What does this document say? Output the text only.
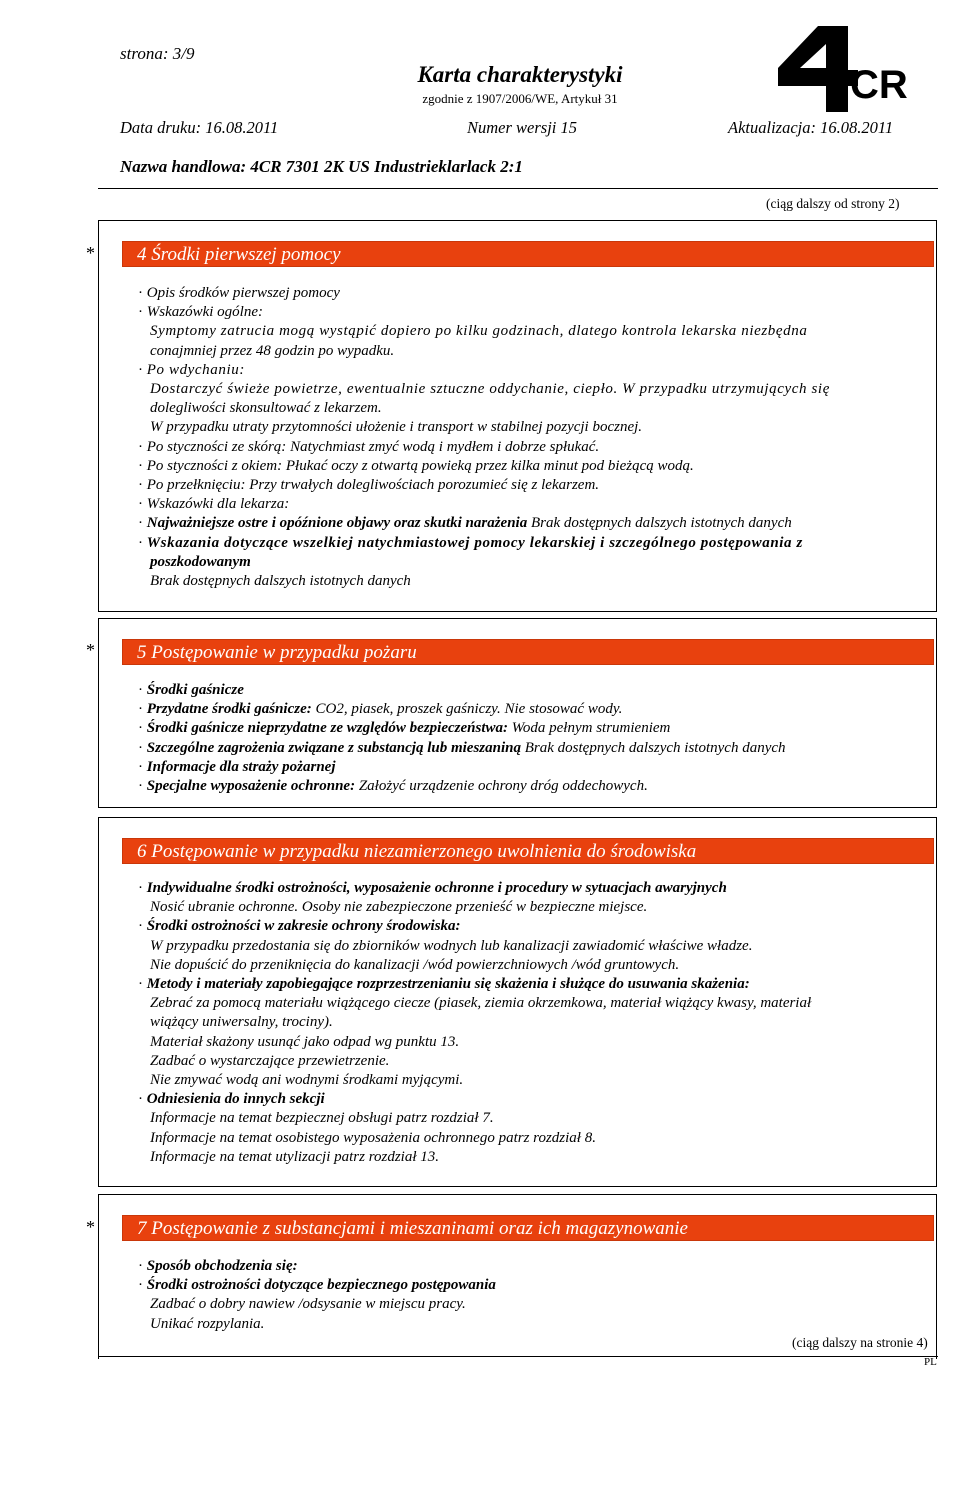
strona: 3/9
Karta charakterystyki
zgodnie z 1907/2006/WE, Artykuł 31	CR
Data druku: 16.08.2011	Numer wersji 15	Aktualizacja: 16.08.2011
Nazwa handlowa: 4CR 7301 2K US Industrieklarlack 2:1
(ciąg dalszy od strony 2)
*	4 Środki pierwszej pomocy

· Opis środków pierwszej pomocy

· Wskazówki ogólne:

Symptomy zatrucia mogą wystąpić dopiero po kilku godzinach, dlatego kontrola lekarska niezbędna

conajmniej przez 48 godzin po wypadku.

· Po wdychaniu:

Dostarczyć świeże powietrze, ewentualnie sztuczne oddychanie, ciepło. W przypadku utrzymujących się

dolegliwości skonsultować z lekarzem.

W przypadku utraty przytomności ułożenie i transport w stabilnej pozycji bocznej.

· Po styczności ze skórą: Natychmiast zmyć wodą i mydłem i dobrze spłukać.

· Po styczności z okiem: Płukać oczy z otwartą powieką przez kilka minut pod bieżącą wodą.

· Po przełknięciu: Przy trwałych dolegliwościach porozumieć się z lekarzem.

· Wskazówki dla lekarza:

· Najważniejsze ostre i opóźnione objawy oraz skutki narażenia Brak dostępnych dalszych istotnych danych

· Wskazania dotyczące wszelkiej natychmiastowej pomocy lekarskiej i szczególnego postępowania z

poszkodowanym

Brak dostępnych dalszych istotnych danych

*	5 Postępowanie w przypadku pożaru

· Środki gaśnicze

· Przydatne środki gaśnicze: CO2, piasek, proszek gaśniczy. Nie stosować wody.

· Środki gaśnicze nieprzydatne ze względów bezpieczeństwa: Woda pełnym strumieniem

· Szczególne zagrożenia związane z substancją lub mieszaniną Brak dostępnych dalszych istotnych danych

· Informacje dla straży pożarnej

· Specjalne wyposażenie ochronne: Założyć urządzenie ochrony dróg oddechowych.

6 Postępowanie w przypadku niezamierzonego uwolnienia do środowiska

· Indywidualne środki ostrożności, wyposażenie ochronne i procedury w sytuacjach awaryjnych

Nosić ubranie ochronne. Osoby nie zabezpieczone przenieść w bezpieczne miejsce.

· Środki ostrożności w zakresie ochrony środowiska:

W przypadku przedostania się do zbiorników wodnych lub kanalizacji zawiadomić właściwe władze.

Nie dopuścić do przeniknięcia do kanalizacji /wód powierzchniowych /wód gruntowych.

· Metody i materiały zapobiegające rozprzestrzenianiu się skażenia i służące do usuwania skażenia:

Zebrać za pomocą materiału wiążącego ciecze (piasek, ziemia okrzemkowa, materiał wiążący kwasy, materiał

wiążący uniwersalny, trociny).

Materiał skażony usunąć jako odpad wg punktu 13.

Zadbać o wystarczające przewietrzenie.

Nie zmywać wodą ani wodnymi środkami myjącymi.

· Odniesienia do innych sekcji

Informacje na temat bezpiecznej obsługi patrz rozdział 7.

Informacje na temat osobistego wyposażenia ochronnego patrz rozdział 8.

Informacje na temat utylizacji patrz rozdział 13.

*	7 Postępowanie z substancjami i mieszaninami oraz ich magazynowanie

· Sposób obchodzenia się:

· Środki ostrożności dotyczące bezpiecznego postępowania

Zadbać o dobry nawiew /odsysanie w miejscu pracy.

Unikać rozpylania.

(ciąg dalszy na stronie 4)
PL
